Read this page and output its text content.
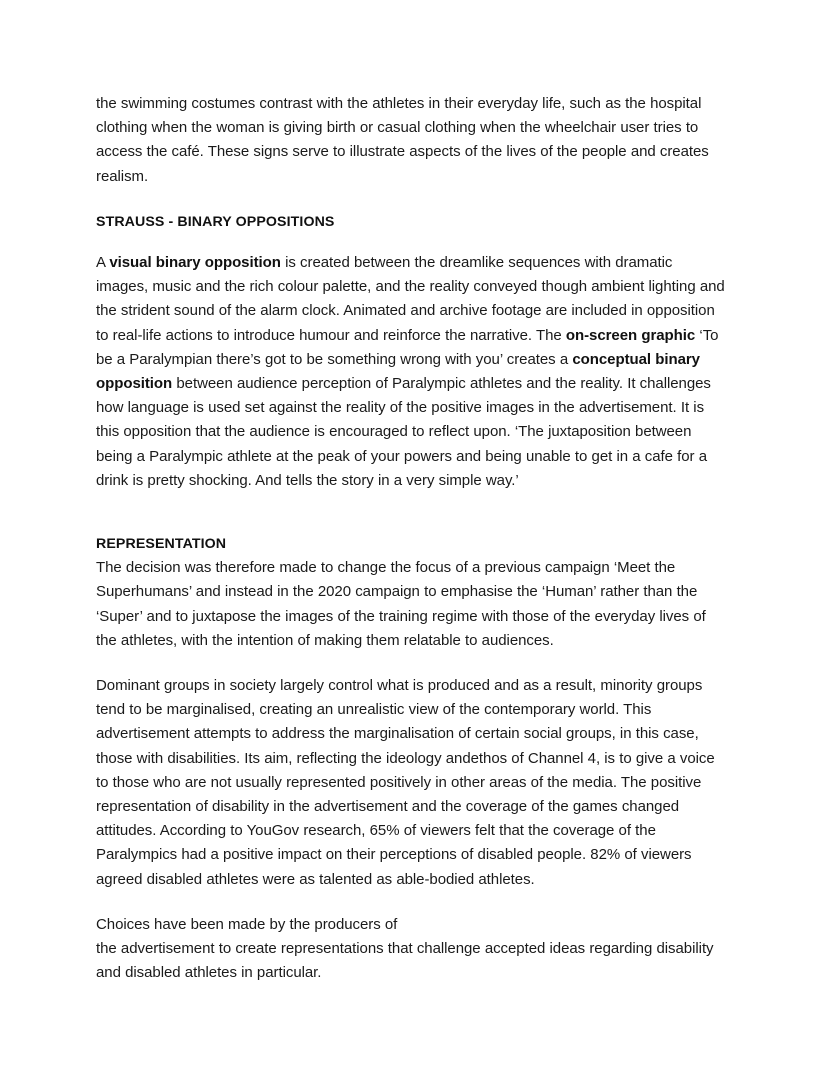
the swimming costumes contrast with the athletes in their everyday life, such as the hospital clothing when the woman is giving birth or casual clothing when the wheelchair user tries to access the café. These signs serve to illustrate aspects of the lives of the people and creates realism.

STRAUSS - BINARY OPPOSITIONS

A visual binary opposition is created between the dreamlike sequences with dramatic images, music and the rich colour palette, and the reality conveyed though ambient lighting and the strident sound of the alarm clock. Animated and archive footage are included in opposition to real-life actions to introduce humour and reinforce the narrative. The on-screen graphic ‘To be a Paralympian there’s got to be something wrong with you’ creates a conceptual binary opposition between audience perception of Paralympic athletes and the reality. It challenges how language is used set against the reality of the positive images in the advertisement. It is this opposition that the audience is encouraged to reflect upon. ‘The juxtaposition between being a Paralympic athlete at the peak of your powers and being unable to get in a cafe for a drink is pretty shocking. And tells the story in a very simple way.’

REPRESENTATION

The decision was therefore made to change the focus of a previous campaign ‘Meet the Superhumans’ and instead in the 2020 campaign to emphasise the ‘Human’ rather than the ‘Super’ and to juxtapose the images of the training regime with those of the everyday lives of the athletes, with the intention of making them relatable to audiences.

Dominant groups in society largely control what is produced and as a result, minority groups tend to be marginalised, creating an unrealistic view of the contemporary world. This advertisement attempts to address the marginalisation of certain social groups, in this case, those with disabilities. Its aim, reflecting the ideology andethos of Channel 4, is to give a voice to those who are not usually represented positively in other areas of the media. The positive representation of disability in the advertisement and the coverage of the games changed attitudes. According to YouGov research, 65% of viewers felt that the coverage of the Paralympics had a positive impact on their perceptions of disabled people. 82% of viewers agreed disabled athletes were as talented as able-bodied athletes.

Choices have been made by the producers of
the advertisement to create representations that challenge accepted ideas regarding disability and disabled athletes in particular.
